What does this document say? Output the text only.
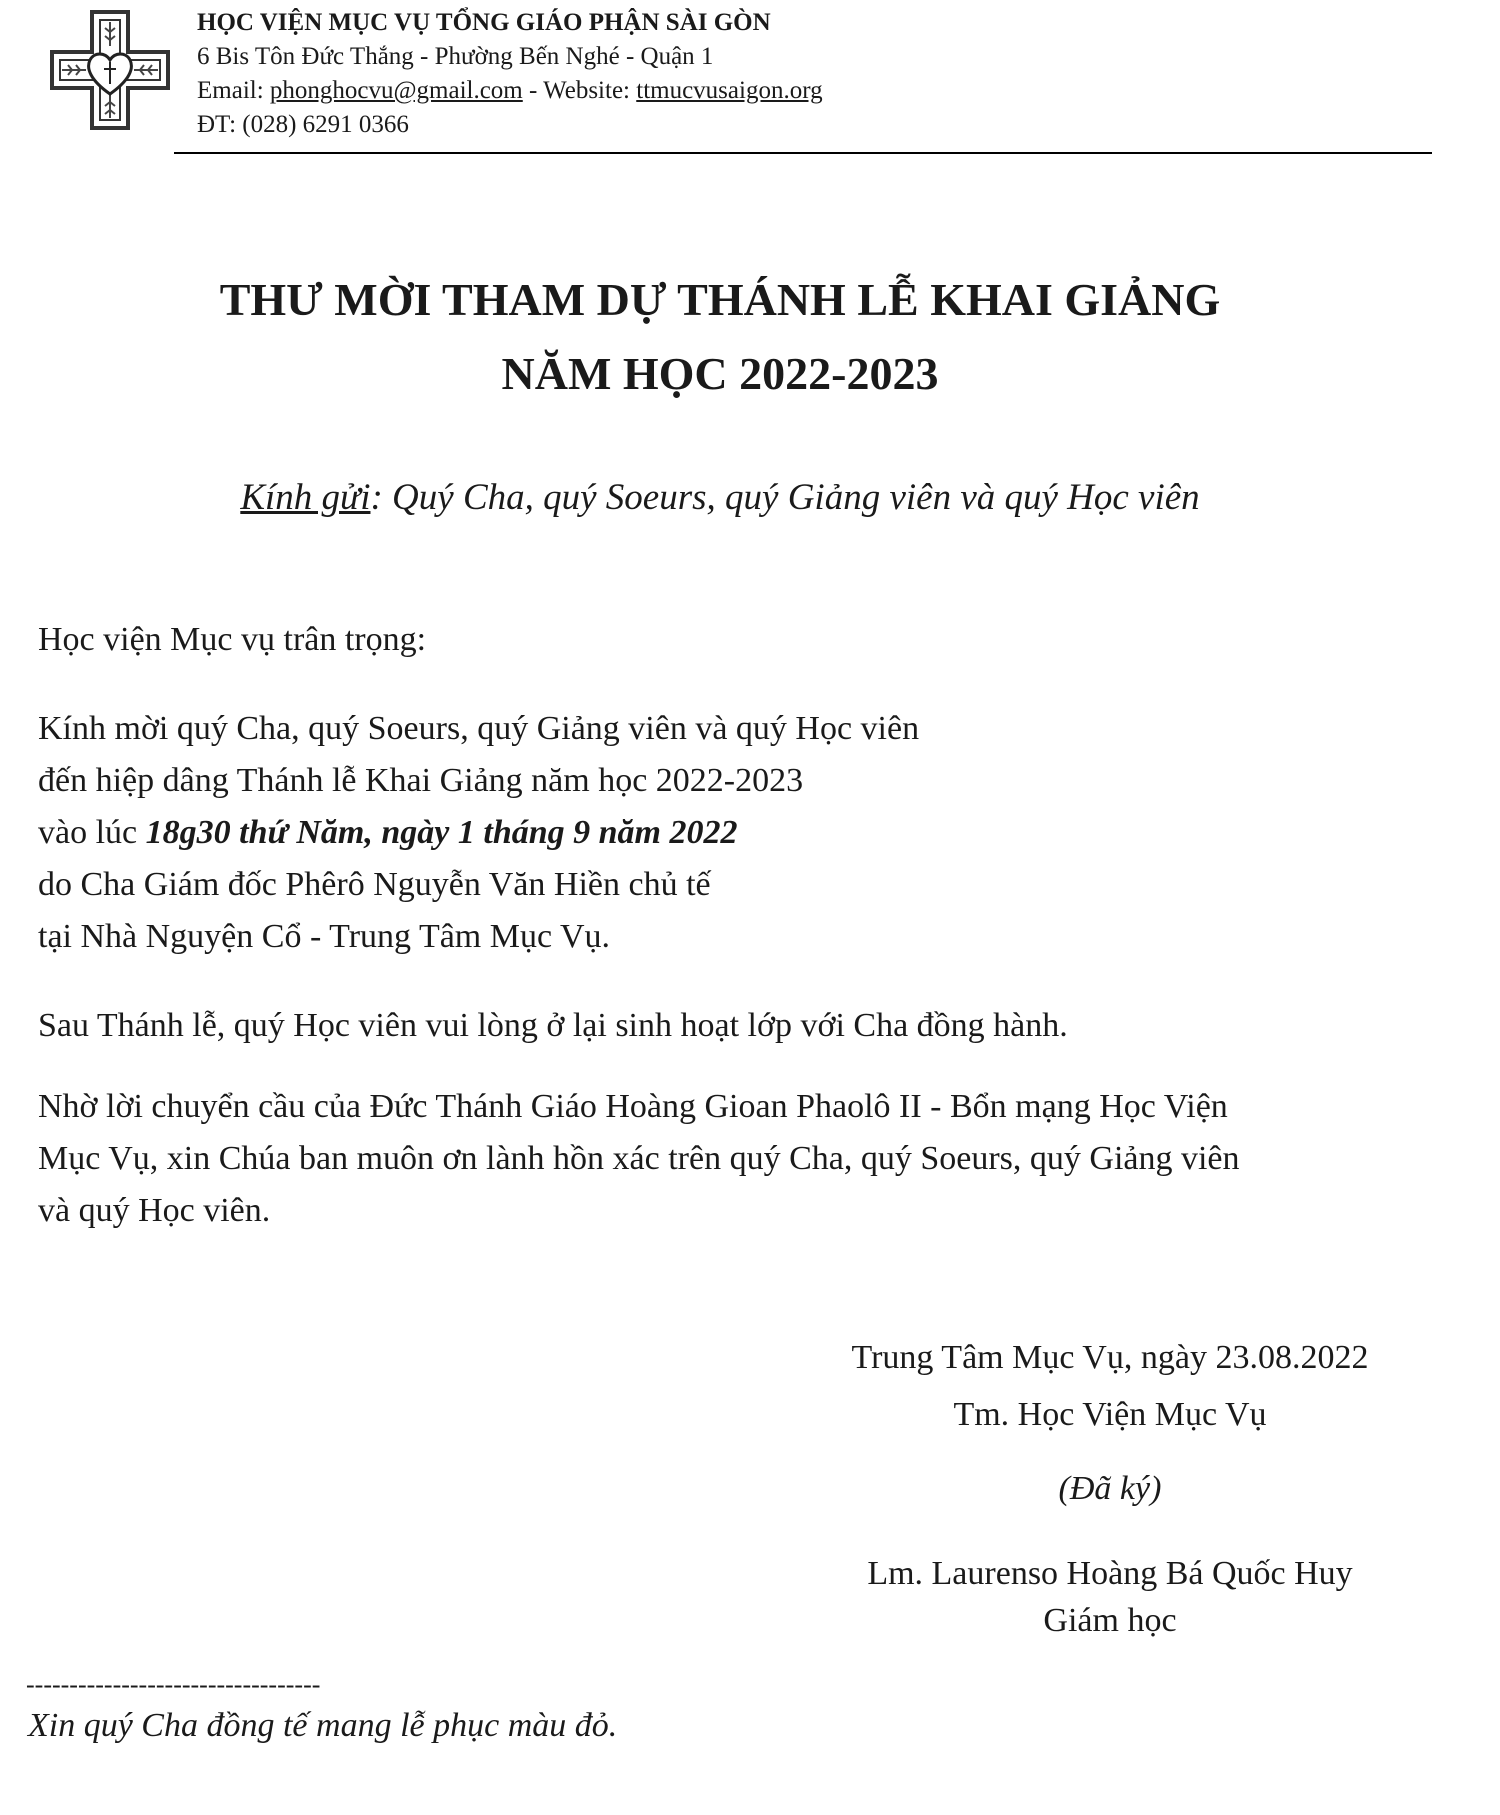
HỌC VIỆN MỤC VỤ TỔNG GIÁO PHẬN SÀI GÒN
6 Bis Tôn Đức Thắng - Phường Bến Nghé - Quận 1
Email: phonghocvu@gmail.com - Website: ttmucvusaigon.org
ĐT: (028) 6291 0366
THƯ MỜI THAM DỰ THÁNH LỄ KHAI GIẢNG
NĂM HỌC 2022-2023
Kính gửi: Quý Cha, quý Soeurs, quý Giảng viên và quý Học viên
Học viện Mục vụ trân trọng:
Kính mời quý Cha, quý Soeurs, quý Giảng viên và quý Học viên
đến hiệp dâng Thánh lễ Khai Giảng năm học 2022-2023
vào lúc 18g30 thứ Năm, ngày 1 tháng 9 năm 2022
do Cha Giám đốc Phêrô Nguyễn Văn Hiền chủ tế
tại Nhà Nguyện Cổ - Trung Tâm Mục Vụ.
Sau Thánh lễ, quý Học viên vui lòng ở lại sinh hoạt lớp với Cha đồng hành.
Nhờ lời chuyển cầu của Đức Thánh Giáo Hoàng Gioan Phaolô II - Bổn mạng Học Viện
Mục Vụ, xin Chúa ban muôn ơn lành hồn xác trên quý Cha, quý Soeurs, quý Giảng viên
và quý Học viên.
Trung Tâm Mục Vụ, ngày 23.08.2022
Tm. Học Viện Mục Vụ
(Đã ký)
Lm. Laurenso Hoàng Bá Quốc Huy
Giám học
----------------------------------
Xin quý Cha đồng tế mang lễ phục màu đỏ.
